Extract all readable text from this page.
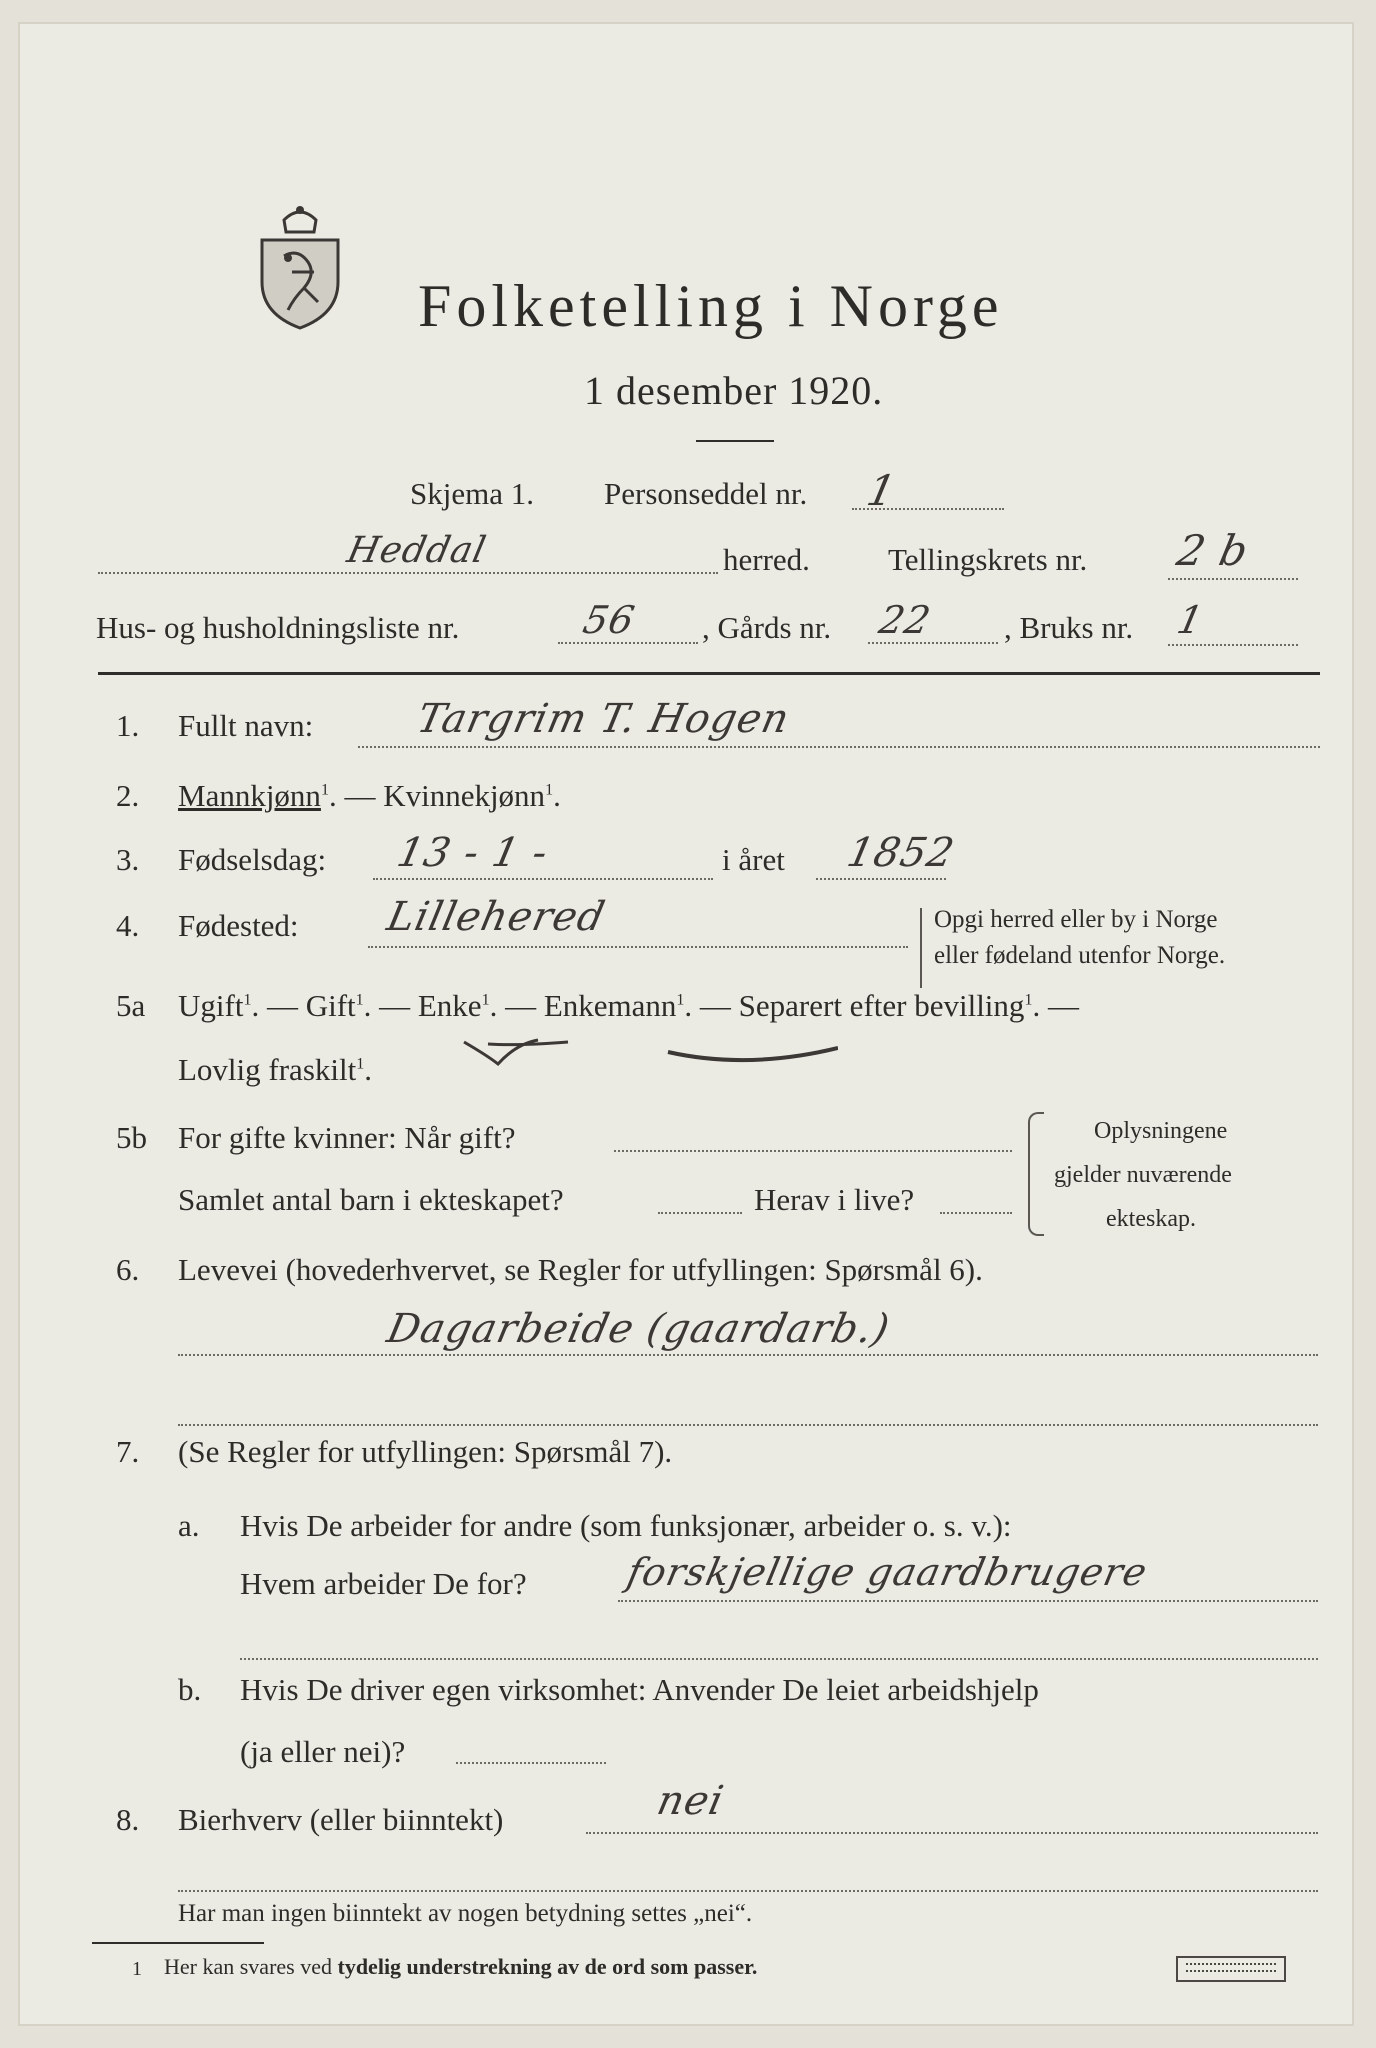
Folketelling i Norge
1 desember 1920.
Skjema 1. Personseddel nr. 1
Heddal	herred.	Tellingskrets nr. 2 b
Hus- og husholdningsliste nr.	56 , Gårds nr. 22 , Bruks nr. 1
1. Fullt navn: Targrim T. Hogen
2. Mannkjønn$^1$. — Kvinnekjønn$^1$.
3. Fødselsdag: 13 - 1 -	i året 1852
4. Fødested: Lillehered	Opgi herred eller by i Norge
eller fødeland utenfor Norge.
5a Ugift$^1$. — Gift$^1$. — Enke$^1$. — Enkemann$^1$. — Separert efter bevilling$^1$. —
Lovlig fraskilt$^1$.
5b For gifte kvinner: Når gift?
Samlet antal barn i ekteskapet?	Herav i live?
Oplysningene
gjelder nuværende
ekteskap.
6. Levevei (hovederhvervet, se Regler for utfyllingen: Spørsmål 6).
Dagarbeide (gaardarb.)
7. (Se Regler for utfyllingen: Spørsmål 7).
a. Hvis De arbeider for andre (som funksjonær, arbeider o. s. v.):
Hvem arbeider De for?	forskjellige gaardbrugere
b. Hvis De driver egen virksomhet: Anvender De leiet arbeidshjelp
(ja eller nei)?
8. Bierhverv (eller biinntekt)	nei
Har man ingen biinntekt av nogen betydning settes „nei“.
1 Her kan svares ved tydelig understrekning av de ord som passer.
